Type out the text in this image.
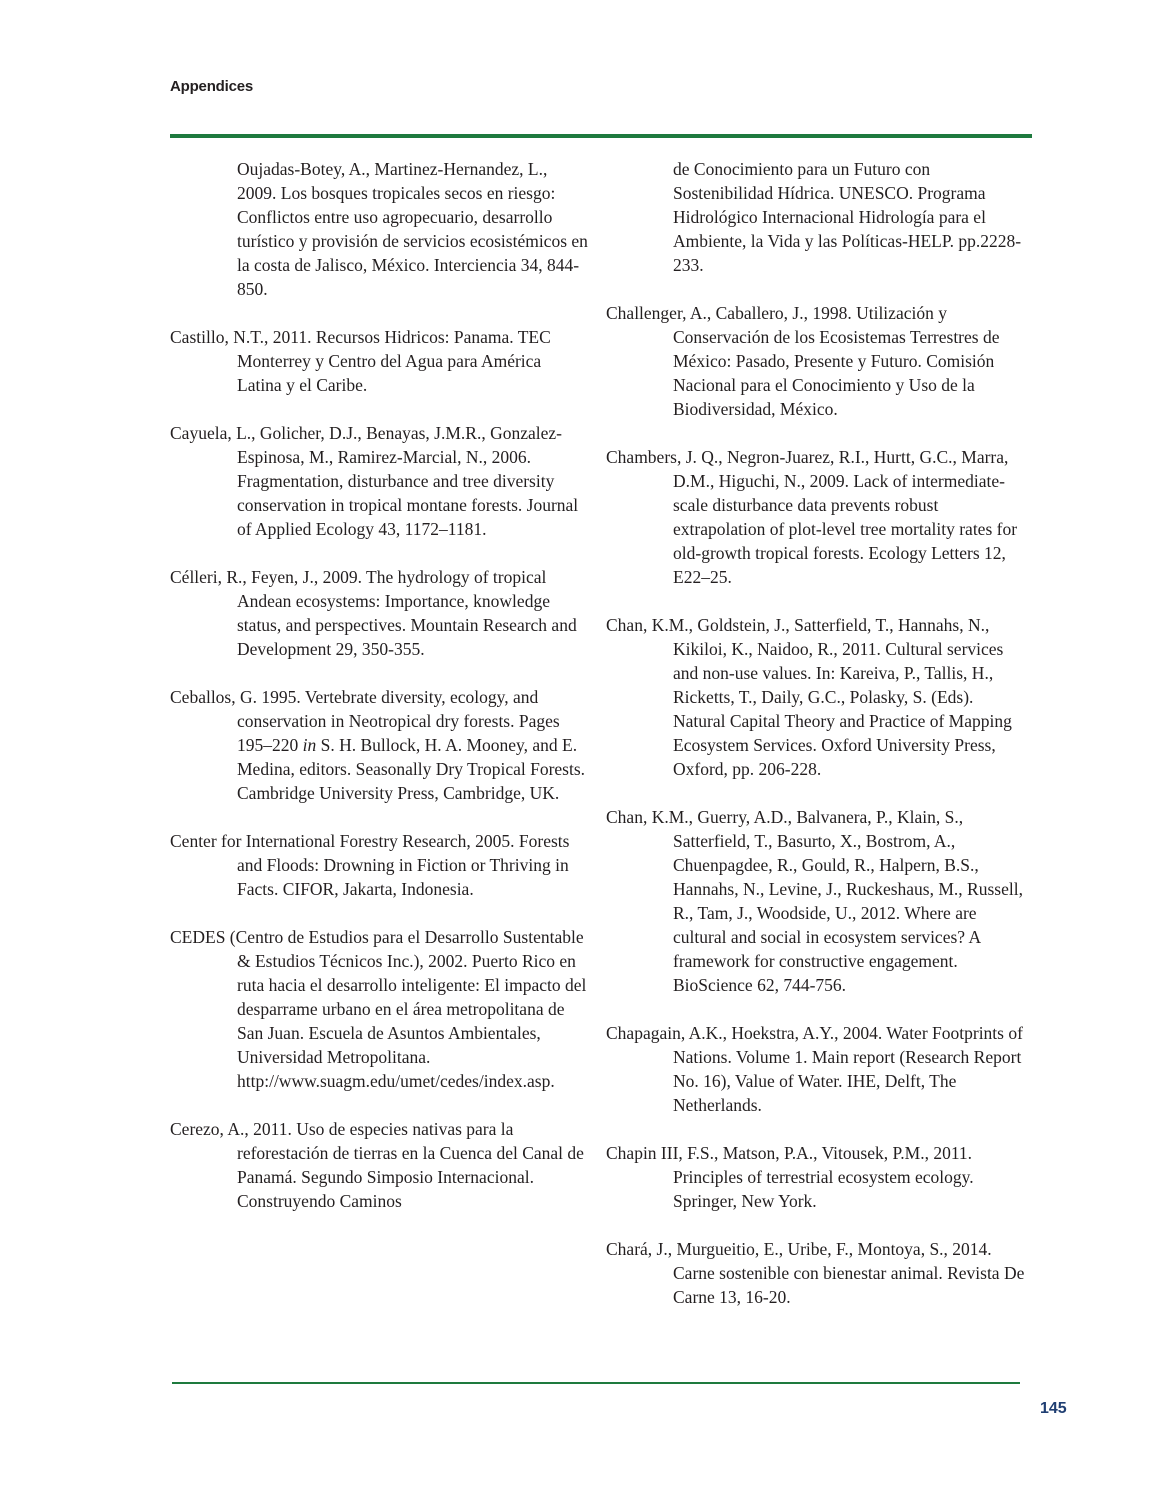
Appendices

Oujadas-Botey, A., Martinez-Hernandez, L., 2009. Los bosques tropicales secos en riesgo: Conflictos entre uso agropecuario, desarrollo turístico y provisión de servicios ecosistémicos en la costa de Jalisco, México. Interciencia 34, 844-850.

Castillo, N.T., 2011. Recursos Hidricos: Panama. TEC Monterrey y Centro del Agua para América Latina y el Caribe.

Cayuela, L., Golicher, D.J., Benayas, J.M.R., Gonzalez-Espinosa, M., Ramirez-Marcial, N., 2006. Fragmentation, disturbance and tree diversity conservation in tropical montane forests. Journal of Applied Ecology 43, 1172–1181.

Célleri, R., Feyen, J., 2009. The hydrology of tropical Andean ecosystems: Importance, knowledge status, and perspectives. Mountain Research and Development 29, 350-355.

Ceballos, G. 1995. Vertebrate diversity, ecology, and conservation in Neotropical dry forests. Pages 195–220 in S. H. Bullock, H. A. Mooney, and E. Medina, editors. Seasonally Dry Tropical Forests. Cambridge University Press, Cambridge, UK.

Center for International Forestry Research, 2005. Forests and Floods: Drowning in Fiction or Thriving in Facts. CIFOR, Jakarta, Indonesia.

CEDES (Centro de Estudios para el Desarrollo Sustentable & Estudios Técnicos Inc.), 2002. Puerto Rico en ruta hacia el desarrollo inteligente: El impacto del desparrame urbano en el área metropolitana de San Juan. Escuela de Asuntos Ambientales, Universidad Metropolitana. http://www.suagm.edu/umet/cedes/index.asp.

Cerezo, A., 2011. Uso de especies nativas para la reforestación de tierras en la Cuenca del Canal de Panamá. Segundo Simposio Internacional. Construyendo Caminos

de Conocimiento para un Futuro con Sostenibilidad Hídrica. UNESCO. Programa Hidrológico Internacional Hidrología para el Ambiente, la Vida y las Políticas-HELP. pp.2228-233.

Challenger, A., Caballero, J., 1998. Utilización y Conservación de los Ecosistemas Terrestres de México: Pasado, Presente y Futuro. Comisión Nacional para el Conocimiento y Uso de la Biodiversidad, México.

Chambers, J. Q., Negron-Juarez, R.I., Hurtt, G.C., Marra, D.M., Higuchi, N., 2009. Lack of intermediate-scale disturbance data prevents robust extrapolation of plot-level tree mortality rates for old-growth tropical forests. Ecology Letters 12, E22–25.

Chan, K.M., Goldstein, J., Satterfield, T., Hannahs, N., Kikiloi, K., Naidoo, R., 2011. Cultural services and non-use values. In: Kareiva, P., Tallis, H., Ricketts, T., Daily, G.C., Polasky, S. (Eds). Natural Capital Theory and Practice of Mapping Ecosystem Services. Oxford University Press, Oxford, pp. 206-228.

Chan, K.M., Guerry, A.D., Balvanera, P., Klain, S., Satterfield, T., Basurto, X., Bostrom, A., Chuenpagdee, R., Gould, R., Halpern, B.S., Hannahs, N., Levine, J., Ruckeshaus, M., Russell, R., Tam, J., Woodside, U., 2012. Where are cultural and social in ecosystem services? A framework for constructive engagement. BioScience 62, 744-756.

Chapagain, A.K., Hoekstra, A.Y., 2004. Water Footprints of Nations. Volume 1. Main report (Research Report No. 16), Value of Water. IHE, Delft, The Netherlands.

Chapin III, F.S., Matson, P.A., Vitousek, P.M., 2011. Principles of terrestrial ecosystem ecology. Springer, New York.

Chará, J., Murgueitio, E., Uribe, F., Montoya, S., 2014. Carne sostenible con bienestar animal. Revista De Carne 13, 16-20.

145
